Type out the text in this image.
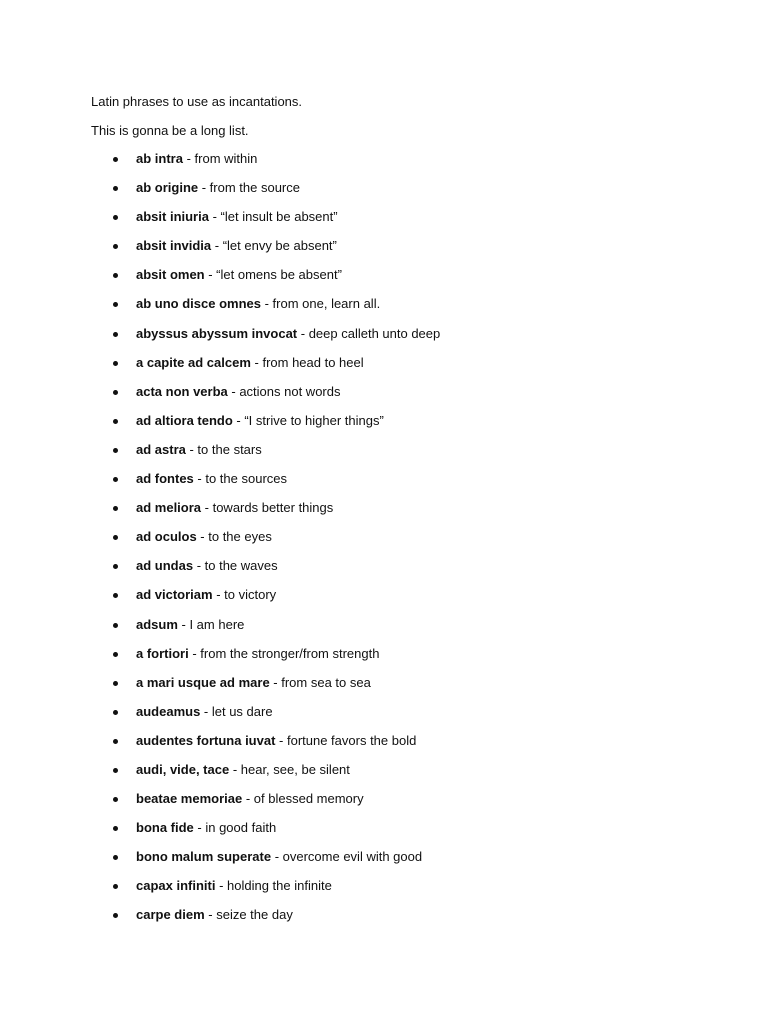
Latin phrases to use as incantations.
This is gonna be a long list.
ab intra - from within
ab origine - from the source
absit iniuria - “let insult be absent”
absit invidia - “let envy be absent”
absit omen - “let omens be absent”
ab uno disce omnes - from one, learn all.
abyssus abyssum invocat - deep calleth unto deep
a capite ad calcem - from head to heel
acta non verba - actions not words
ad altiora tendo - “I strive to higher things”
ad astra - to the stars
ad fontes - to the sources
ad meliora - towards better things
ad oculos - to the eyes
ad undas - to the waves
ad victoriam - to victory
adsum - I am here
a fortiori - from the stronger/from strength
a mari usque ad mare - from sea to sea
audeamus - let us dare
audentes fortuna iuvat - fortune favors the bold
audi, vide, tace - hear, see, be silent
beatae memoriae - of blessed memory
bona fide - in good faith
bono malum superate - overcome evil with good
capax infiniti - holding the infinite
carpe diem - seize the day
